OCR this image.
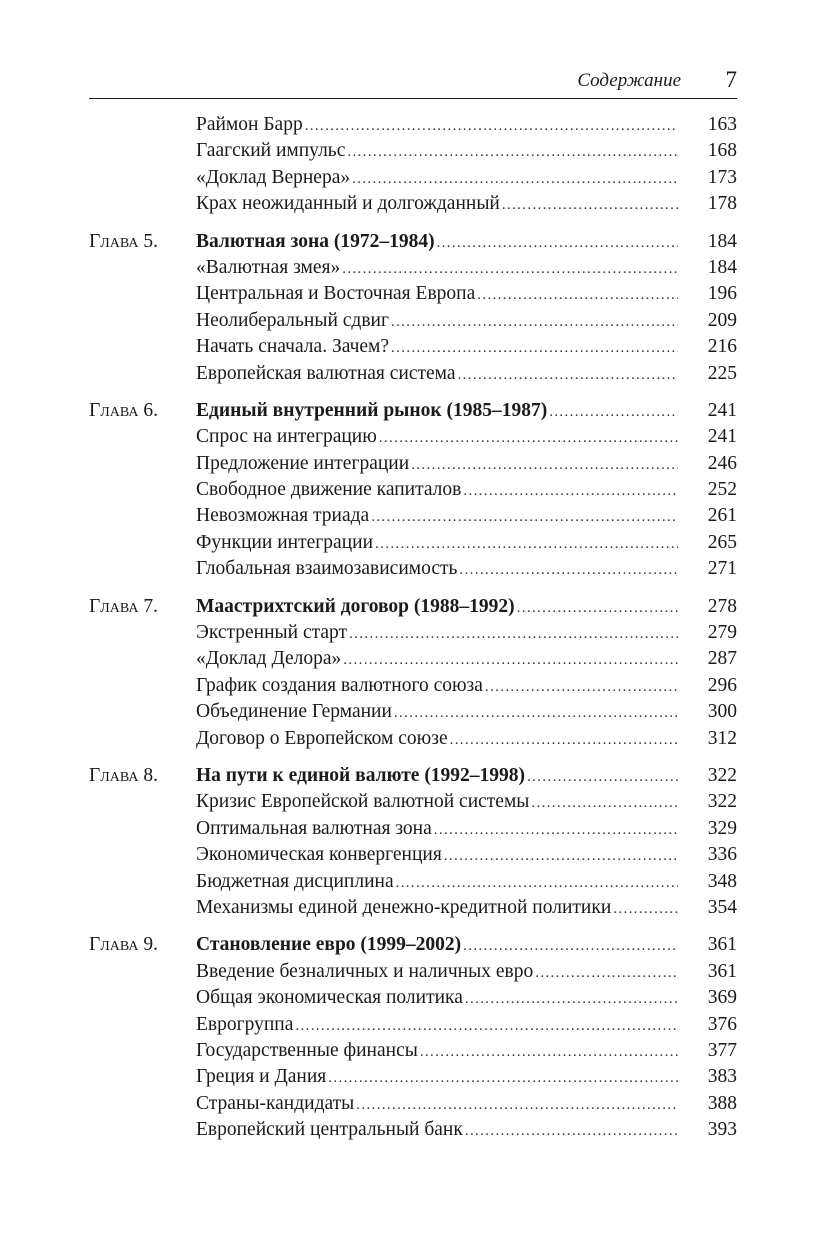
Содержание 7
Раймон Барр . . .	163
Гаагский импульс . . .	168
«Доклад Вернера» . . .	173
Крах неожиданный и долгожданный . . .	178
Глава 5. Валютная зона (1972–1984) . . .	184
«Валютная змея» . . .	184
Центральная и Восточная Европа . . .	196
Неолиберальный сдвиг . . .	209
Начать сначала. Зачем? . . .	216
Европейская валютная система . . .	225
Глава 6. Единый внутренний рынок (1985–1987) . . .	241
Спрос на интеграцию . . .	241
Предложение интеграции . . .	246
Свободное движение капиталов . . .	252
Невозможная триада . . .	261
Функции интеграции . . .	265
Глобальная взаимозависимость . . .	271
Глава 7. Маастрихтский договор (1988–1992) . . .	278
Экстренный старт . . .	279
«Доклад Делора» . . .	287
График создания валютного союза . . .	296
Объединение Германии . . .	300
Договор о Европейском союзе . . .	312
Глава 8. На пути к единой валюте (1992–1998) . . .	322
Кризис Европейской валютной системы . . .	322
Оптимальная валютная зона . . .	329
Экономическая конвергенция . . .	336
Бюджетная дисциплина . . .	348
Механизмы единой денежно-кредитной политики . . .	354
Глава 9. Становление евро (1999–2002) . . .	361
Введение безналичных и наличных евро . . .	361
Общая экономическая политика . . .	369
Еврогруппа . . .	376
Государственные финансы . . .	377
Греция и Дания . . .	383
Страны-кандидаты . . .	388
Европейский центральный банк . . .	393
